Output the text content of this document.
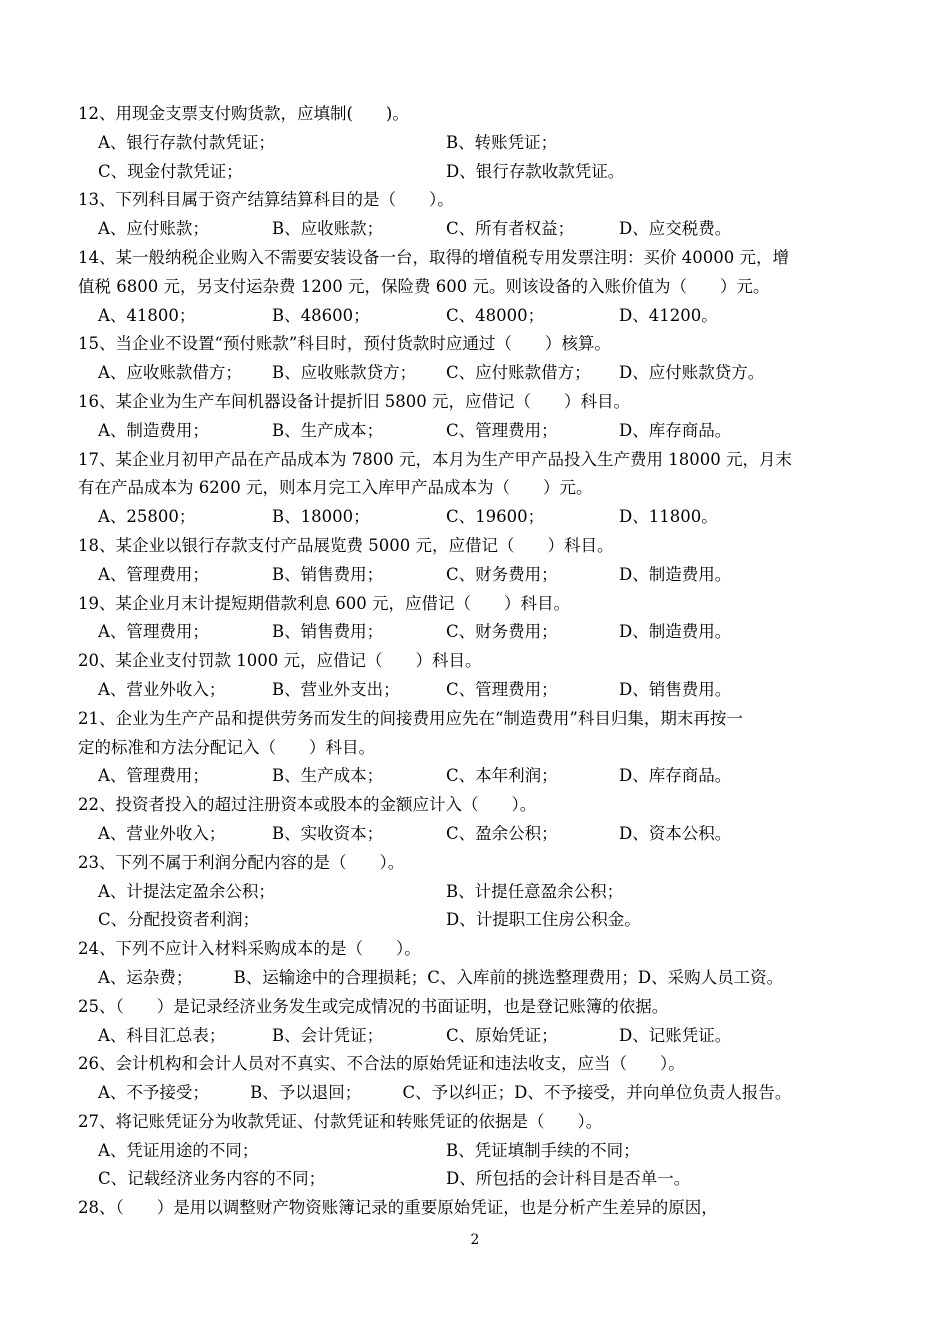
12、用现金支票支付购货款，应填制(　　)。
A、银行存款付款凭证；	B、转账凭证；
C、现金付款凭证；	D、银行存款收款凭证。
13、下列科目属于资产结算结算科目的是（　　）。
A、应付账款；	B、应收账款；	C、所有者权益；	D、应交税费。
14、某一般纳税企业购入不需要安装设备一台，取得的增值税专用发票注明：买价 40000 元，增
值税 6800 元，另支付运杂费 1200 元，保险费 600 元。则该设备的入账价值为（　　）元。
A、41800；	B、48600；	C、48000；	D、41200。
15、当企业不设置“预付账款”科目时，预付货款时应通过（　　）核算。
A、应收账款借方； B、应收账款贷方； C、应付账款借方； D、应付账款贷方。
16、某企业为生产车间机器设备计提折旧 5800 元，应借记（　　）科目。
A、制造费用；	B、生产成本；	C、管理费用；	D、库存商品。
17、某企业月初甲产品在产品成本为 7800 元，本月为生产甲产品投入生产费用 18000 元，月末
有在产品成本为 6200 元，则本月完工入库甲产品成本为（　　）元。
A、25800；	B、18000；	C、19600；	D、11800。
18、某企业以银行存款支付产品展览费 5000 元，应借记（　　）科目。
A、管理费用；	B、销售费用；	C、财务费用；	D、制造费用。
19、某企业月末计提短期借款利息 600 元，应借记（　　）科目。
A、管理费用；	B、销售费用；	C、财务费用；	D、制造费用。
20、某企业支付罚款 1000 元，应借记（　　）科目。
A、营业外收入；	B、营业外支出；	C、管理费用；	D、销售费用。
21、企业为生产产品和提供劳务而发生的间接费用应先在“制造费用”科目归集，期末再按一
定的标准和方法分配记入（　　）科目。
A、管理费用；	B、生产成本；	C、本年利润；	D、库存商品。
22、投资者投入的超过注册资本或股本的金额应计入（　　）。
A、营业外收入；	B、实收资本；	C、盈余公积；	D、资本公积。
23、下列不属于利润分配内容的是（　　）。
A、计提法定盈余公积；	B、计提任意盈余公积；
C、分配投资者利润；	D、计提职工住房公积金。
24、下列不应计入材料采购成本的是（　　）。
A、运杂费；　　　B、运输途中的合理损耗；C、入库前的挑选整理费用；D、采购人员工资。
25、（　　）是记录经济业务发生或完成情况的书面证明，也是登记账簿的依据。
A、科目汇总表；	B、会计凭证；	C、原始凭证；	D、记账凭证。
26、会计机构和会计人员对不真实、不合法的原始凭证和违法收支，应当（　　）。
A、不予接受；　　　B、予以退回；　　　C、予以纠正；D、不予接受，并向单位负责人报告。
27、将记账凭证分为收款凭证、付款凭证和转账凭证的依据是（　　）。
A、凭证用途的不同；	B、凭证填制手续的不同；
C、记载经济业务内容的不同；	D、所包括的会计科目是否单一。
28、（　　）是用以调整财产物资账簿记录的重要原始凭证，也是分析产生差异的原因，
2
